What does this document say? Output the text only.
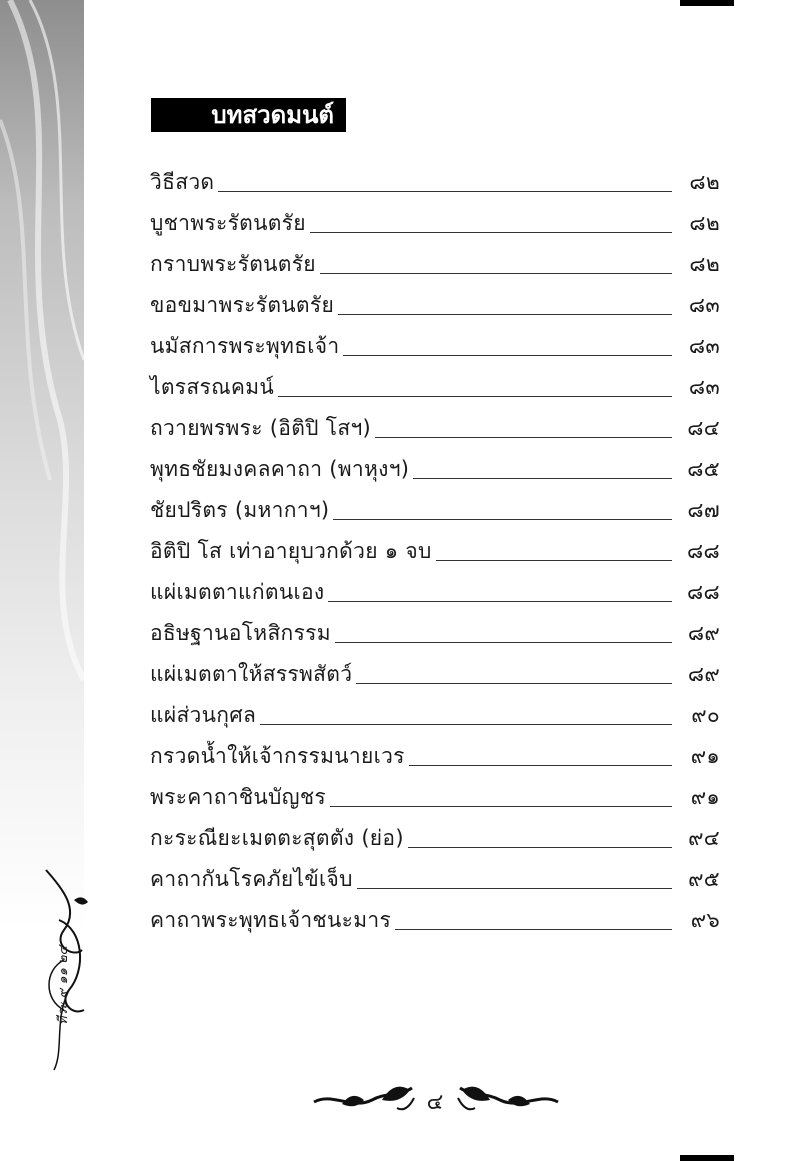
บทสวดมนต์
วิธีสวด	๘๒
บูชาพระรัตนตรัย	๘๒
กราบพระรัตนตรัย	๘๒
ขอขมาพระรัตนตรัย	๘๓
นมัสการพระพุทธเจ้า	๘๓
ไตรสรณคมน์	๘๓
ถวายพรพระ (อิติปิ โสฯ)	๘๔
พุทธชัยมงคลคาถา (พาหุงฯ)	๘๕
ชัยปริตร (มหากาฯ)	๘๗
อิติปิ โส เท่าอายุบวกด้วย ๑ จบ	๘๘
แผ่เมตตาแก่ตนเอง	๘๘
อธิษฐานอโหสิกรรม	๘๙
แผ่เมตตาให้สรรพสัตว์	๘๙
แผ่ส่วนกุศล	๙๐
กรวดน้ำให้เจ้ากรรมนายเวร	๙๑
พระคาถาชินบัญชร	๙๑
กะระณียะเมตตะสุตตัง (ย่อ)	๙๔
คาถากันโรคภัยไข้เจ็บ	๙๕
คาถาพระพุทธเจ้าชนะมาร	๙๖
ทีระ ๙ ๑๑ ๒๔
๔
